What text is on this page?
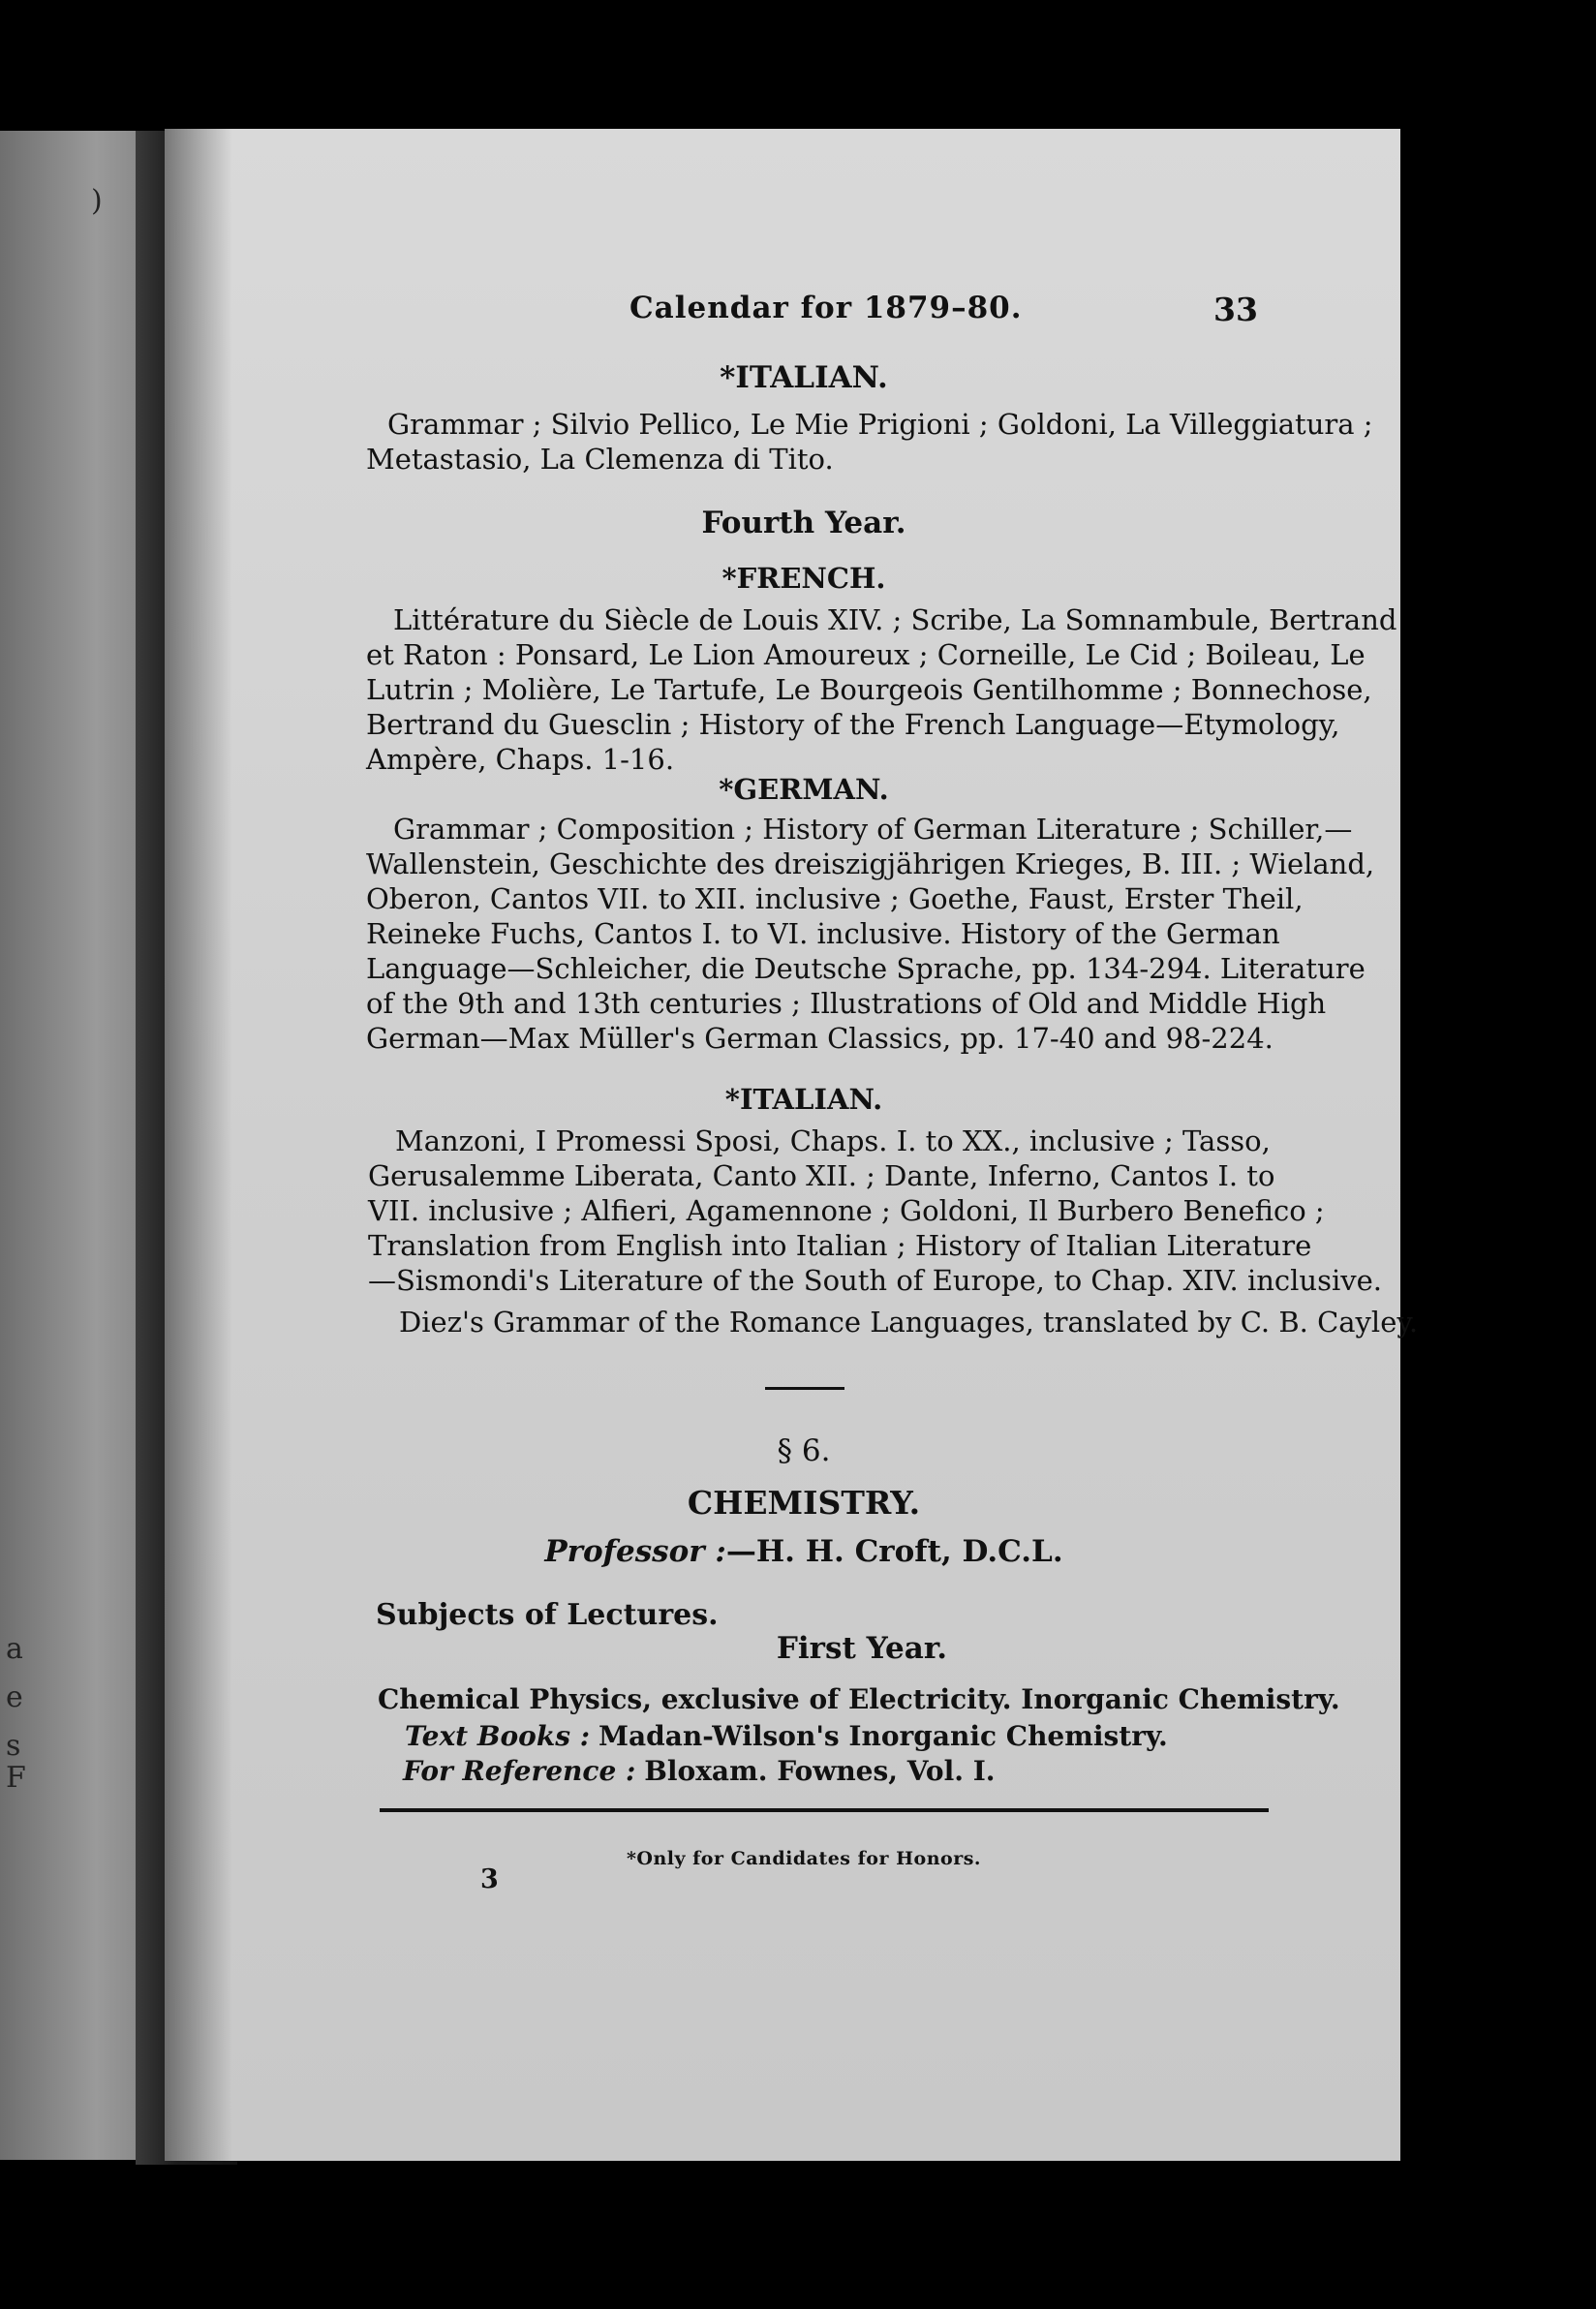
)
a
e
s
F
Calendar for 1879–80.	33
*ITALIAN.
Grammar ; Silvio Pellico, Le Mie Prigioni ; Goldoni, La Villeggiatura ;
Metastasio, La Clemenza di Tito.
Fourth Year.
*FRENCH.
Littérature du Siècle de Louis XIV. ; Scribe, La Somnambule, Bertrand
et Raton : Ponsard, Le Lion Amoureux ; Corneille, Le Cid ; Boileau, Le
Lutrin ; Molière, Le Tartufe, Le Bourgeois Gentilhomme ; Bonnechose,
Bertrand du Guesclin ; History of the French Language—Etymology,
Ampère, Chaps. 1-16.
*GERMAN.
Grammar ; Composition ; History of German Literature ; Schiller,—
Wallenstein, Geschichte des dreiszigjährigen Krieges, B. III. ; Wieland,
Oberon, Cantos VII. to XII. inclusive ; Goethe, Faust, Erster Theil,
Reineke Fuchs, Cantos I. to VI. inclusive. History of the German
Language—Schleicher, die Deutsche Sprache, pp. 134-294. Literature
of the 9th and 13th centuries ; Illustrations of Old and Middle High
German—Max Müller's German Classics, pp. 17-40 and 98-224.
*ITALIAN.
Manzoni, I Promessi Sposi, Chaps. I. to XX., inclusive ; Tasso,
Gerusalemme Liberata, Canto XII. ; Dante, Inferno, Cantos I. to
VII. inclusive ; Alfieri, Agamennone ; Goldoni, Il Burbero Benefico ;
Translation from English into Italian ; History of Italian Literature
—Sismondi's Literature of the South of Europe, to Chap. XIV. inclusive.
Diez's Grammar of the Romance Languages, translated by C. B. Cayley.
§ 6.
CHEMISTRY.
Professor :—H. H. Croft, D.C.L.
Subjects of Lectures.
First Year.
Chemical Physics, exclusive of Electricity. Inorganic Chemistry.
Text Books : Madan-Wilson's Inorganic Chemistry.
For Reference : Bloxam. Fownes, Vol. I.
*Only for Candidates for Honors.
3
